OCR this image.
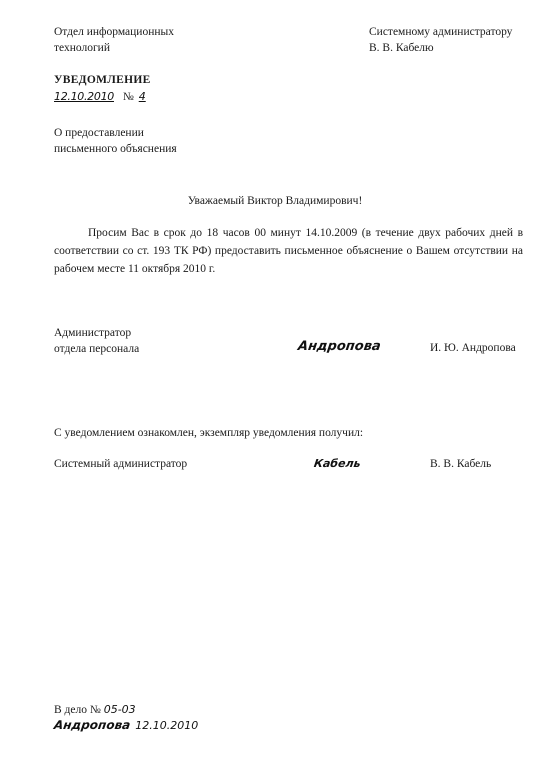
Отдел информационных
технологий
Системному администратору
В. В. Кабелю
УВЕДОМЛЕНИЕ
12.10.2010 № 4
О предоставлении
письменного объяснения
Уважаемый Виктор Владимирович!
Просим Вас в срок до 18 часов 00 минут 14.10.2009 (в течение двух рабочих дней в соответствии со ст. 193 ТК РФ) предоставить письменное объяснение о Вашем отсутствии на рабочем месте 11 октября 2010 г.
Администратор
отдела персонала	Андропова	И. Ю. Андропова
С уведомлением ознакомлен, экземпляр уведомления получил:
Системный администратор	Кабель	В. В. Кабель
В дело № 05-03
Андропова 12.10.2010
